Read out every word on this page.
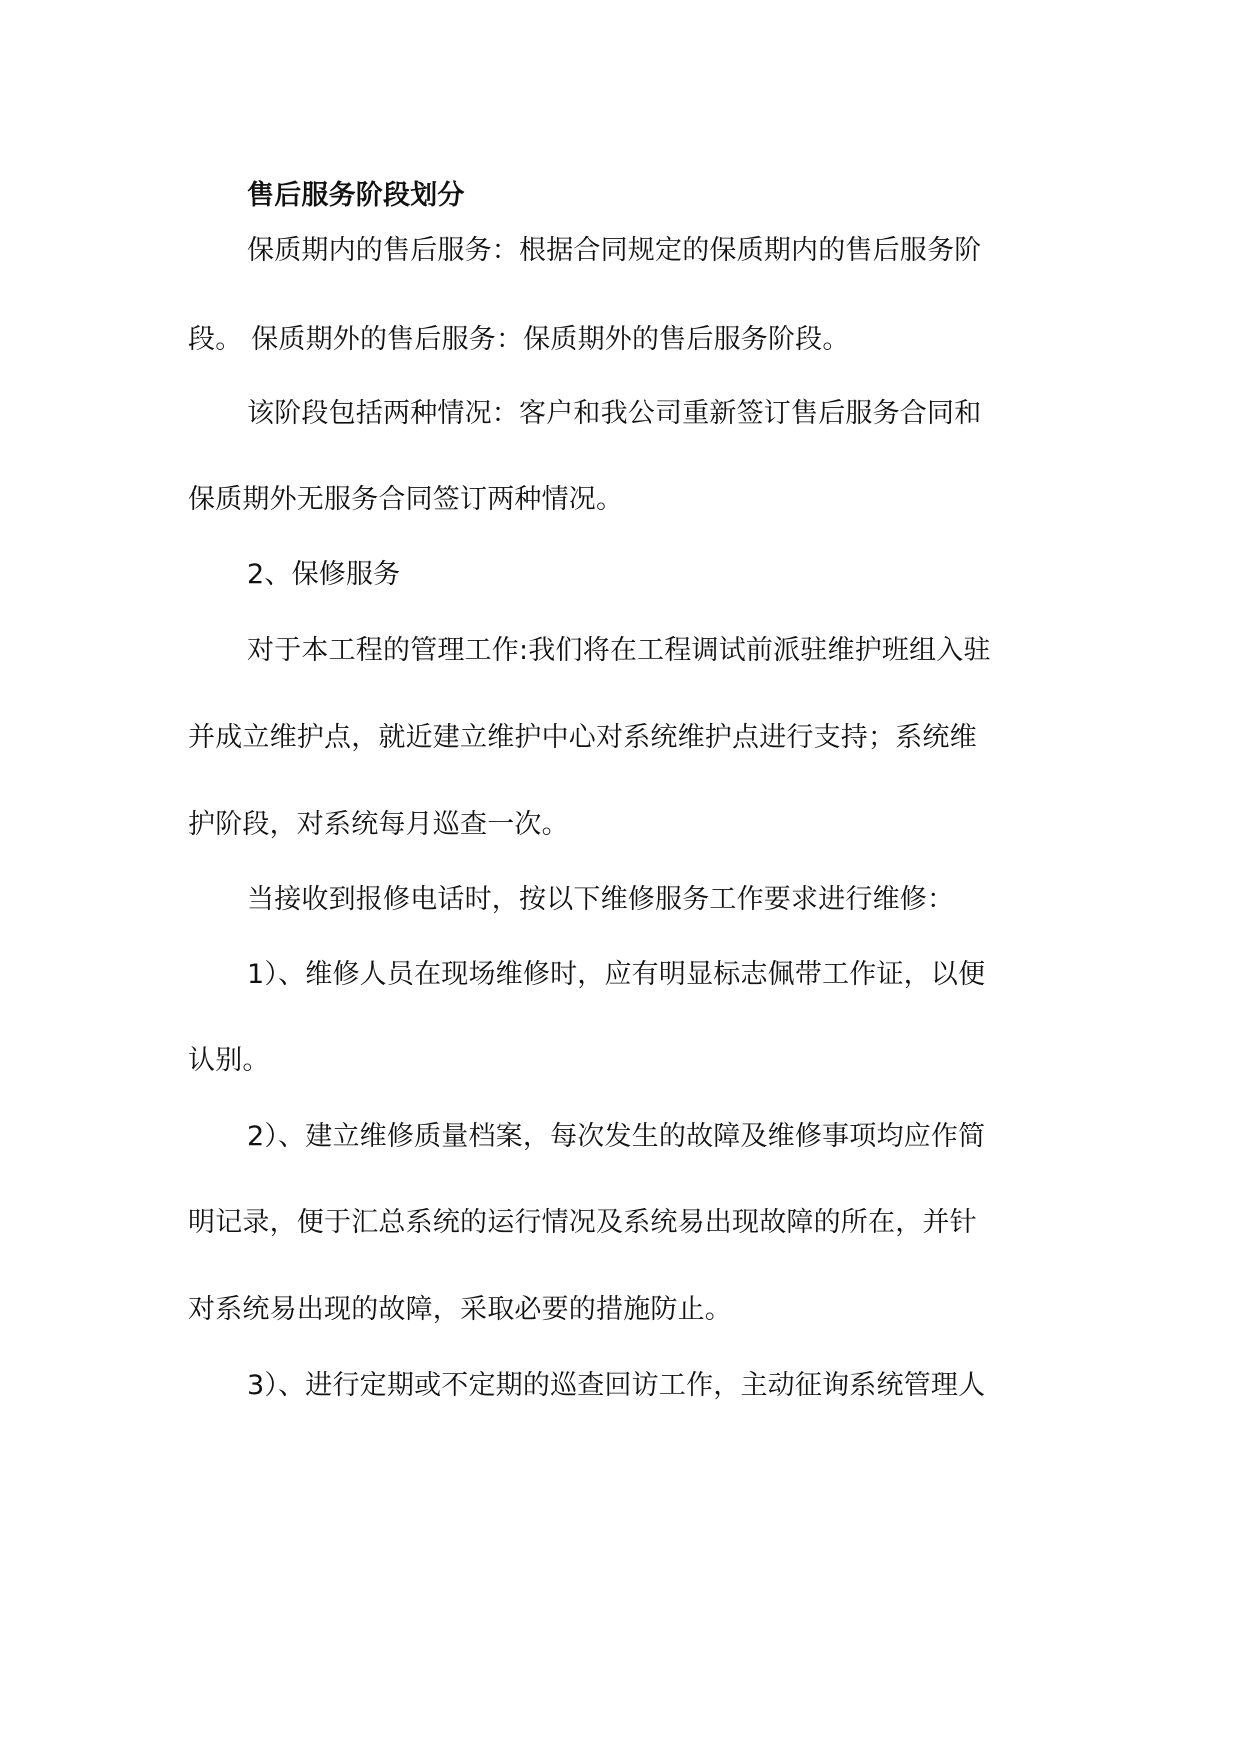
售后服务阶段划分
保质期内的售后服务：根据合同规定的保质期内的售后服务阶
段。 保质期外的售后服务：保质期外的售后服务阶段。
该阶段包括两种情况：客户和我公司重新签订售后服务合同和
保质期外无服务合同签订两种情况。
2、保修服务
对于本工程的管理工作:我们将在工程调试前派驻维护班组入驻
并成立维护点，就近建立维护中心对系统维护点进行支持；系统维
护阶段，对系统每月巡查一次。
当接收到报修电话时，按以下维修服务工作要求进行维修：
1）、维修人员在现场维修时，应有明显标志佩带工作证，以便
认别。
2）、建立维修质量档案，每次发生的故障及维修事项均应作简
明记录，便于汇总系统的运行情况及系统易出现故障的所在，并针
对系统易出现的故障，采取必要的措施防止。
3）、进行定期或不定期的巡查回访工作，主动征询系统管理人
